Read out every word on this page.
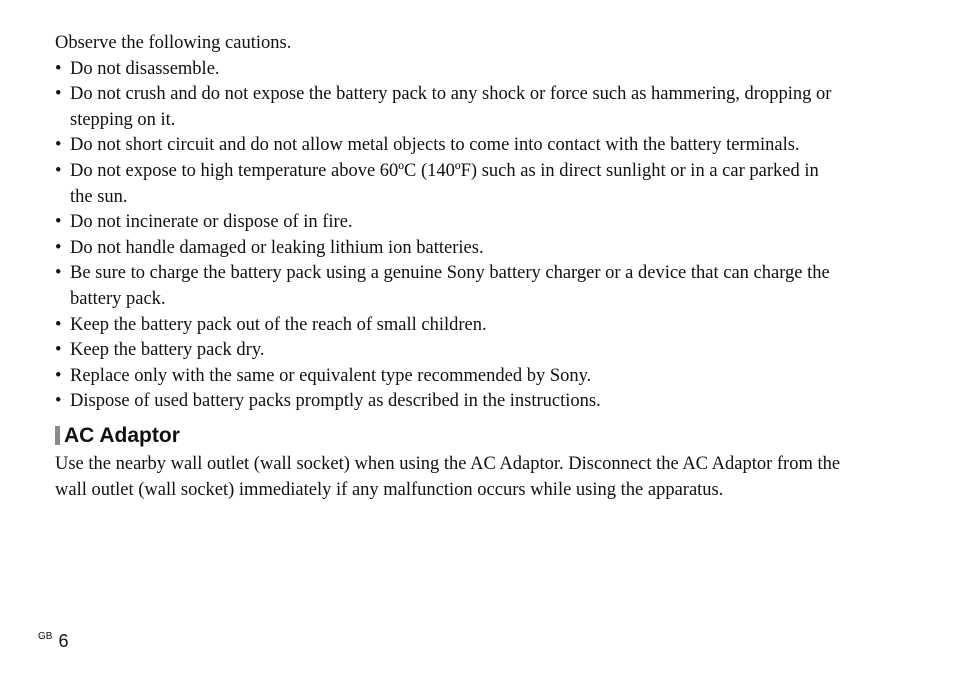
Observe the following cautions.

• Do not disassemble.
• Do not crush and do not expose the battery pack to any shock or force such as hammering, dropping or stepping on it.
• Do not short circuit and do not allow metal objects to come into contact with the battery terminals.
• Do not expose to high temperature above 60ºC (140ºF) such as in direct sunlight or in a car parked in the sun.
• Do not incinerate or dispose of in fire.
• Do not handle damaged or leaking lithium ion batteries.
• Be sure to charge the battery pack using a genuine Sony battery charger or a device that can charge the battery pack.
• Keep the battery pack out of the reach of small children.
• Keep the battery pack dry.
• Replace only with the same or equivalent type recommended by Sony.
• Dispose of used battery packs promptly as described in the instructions.
AC Adaptor

Use the nearby wall outlet (wall socket) when using the AC Adaptor. Disconnect the AC Adaptor from the wall outlet (wall socket) immediately if any malfunction occurs while using the apparatus.

GB 6
